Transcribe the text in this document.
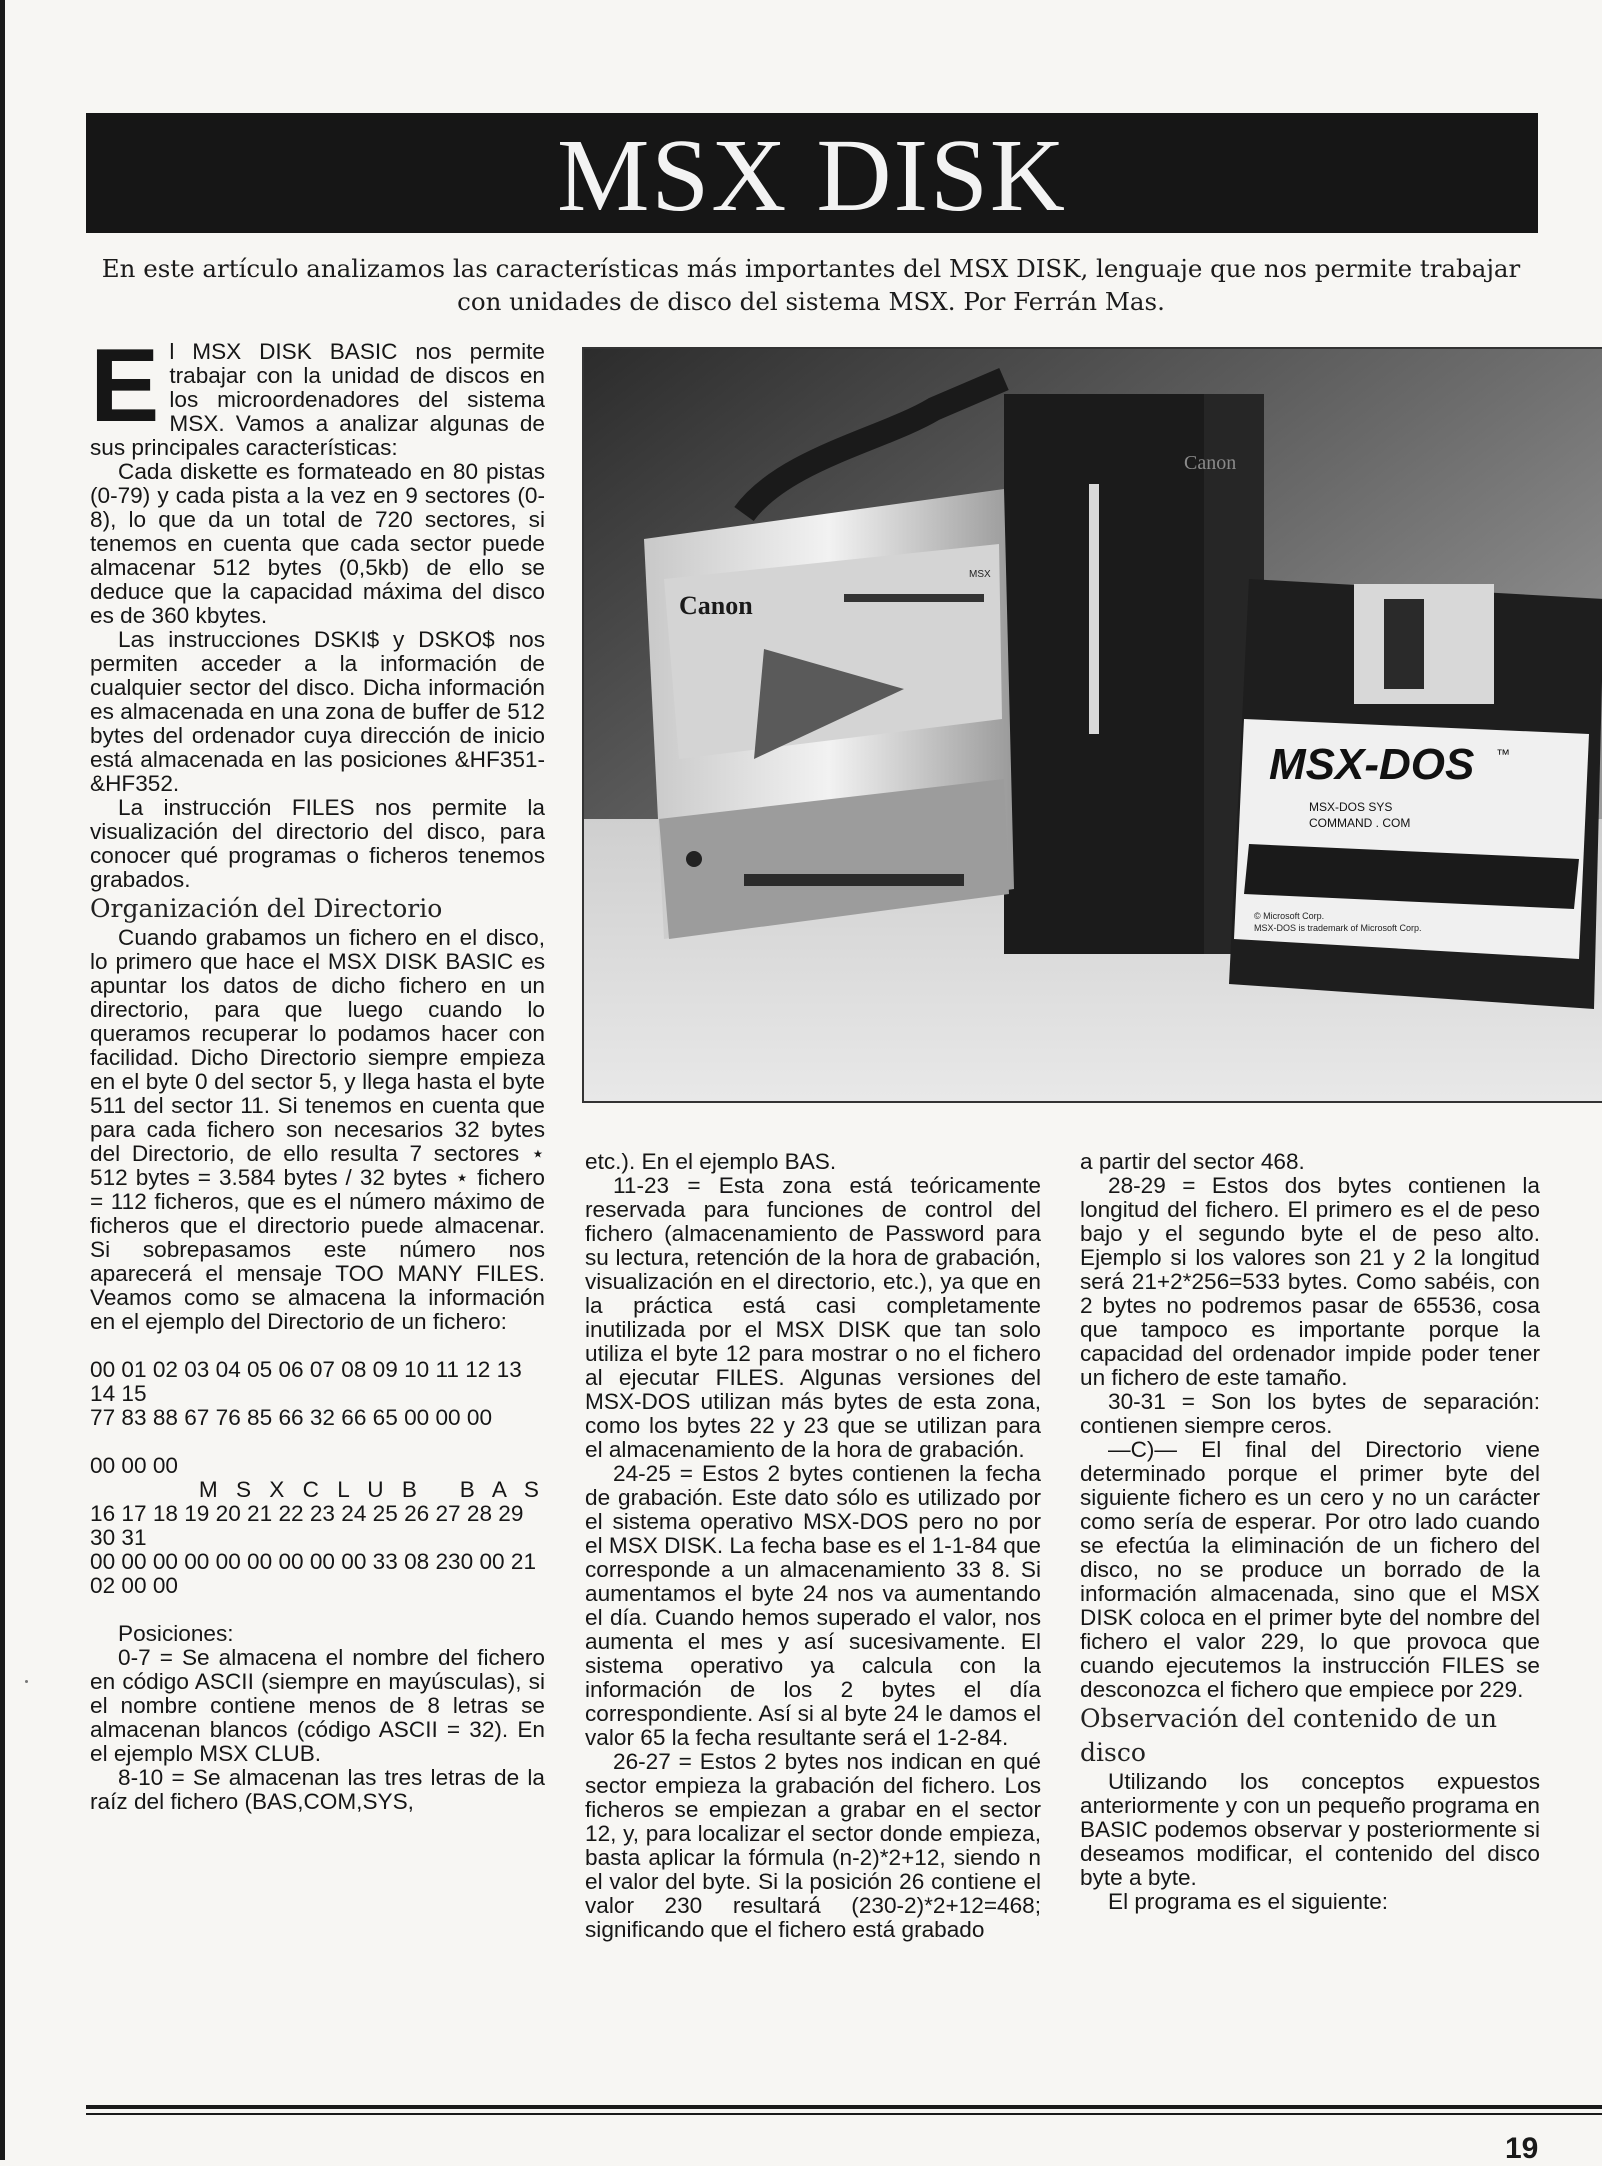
MSX DISK
En este artículo analizamos las características más importantes del MSX DISK, lenguaje que nos permite trabajar con unidades de disco del sistema MSX. Por Ferrán Mas.

El MSX DISK BASIC nos permite trabajar con la unidad de discos en los microordenadores del sistema MSX. Vamos a analizar algunas de sus principales características:

Cada diskette es formateado en 80 pistas (0-79) y cada pista a la vez en 9 sectores (0-8), lo que da un total de 720 sectores, si tenemos en cuenta que cada sector puede almacenar 512 bytes (0,5kb) de ello se deduce que la capacidad máxima del disco es de 360 kbytes.

Las instrucciones DSKI$ y DSKO$ nos permiten acceder a la información de cualquier sector del disco. Dicha información es almacenada en una zona de buffer de 512 bytes del ordenador cuya dirección de inicio está almacenada en las posiciones &HF351-&HF352.

La instrucción FILES nos permite la visualización del directorio del disco, para conocer qué programas o ficheros tenemos grabados.

Organización del Directorio

Cuando grabamos un fichero en el disco, lo primero que hace el MSX DISK BASIC es apuntar los datos de dicho fichero en un directorio, para que luego cuando lo queramos recuperar lo podamos hacer con facilidad. Dicho Directorio siempre empieza en el byte 0 del sector 5, y llega hasta el byte 511 del sector 11. Si tenemos en cuenta que para cada fichero son necesarios 32 bytes del Directorio, de ello resulta 7 sectores ⋆ 512 bytes = 3.584 bytes / 32 bytes ⋆ fichero = 112 ficheros, que es el número máximo de ficheros que el directorio puede almacenar. Si sobrepasamos este número nos aparecerá el mensaje TOO MANY FILES. Veamos como se almacena la información en el ejemplo del Directorio de un fichero:

00 01 02 03 04 05 06 07 08 09 10 11 12 13 14 15

77 83 88 67 76 85 66 32 66 65 00 00 00

00 00 00

M S X C L U B   B A S

16 17 18 19 20 21 22 23 24 25 26 27 28 29 30 31

00 00 00 00 00 00 00 00 00 33 08 230 00 21 02 00 00

Posiciones:

0-7 = Se almacena el nombre del fichero en código ASCII (siempre en mayúsculas), si el nombre contiene menos de 8 letras se almacenan blancos (código ASCII = 32). En el ejemplo MSX CLUB.

8-10 = Se almacenan las tres letras de la raíz del fichero (BAS,COM,SYS,

Canon
Canon
MSX
MSX-DOS ™
MSX-DOS SYS
COMMAND . COM
© Microsoft Corp.
MSX-DOS is trademark of Microsoft Corp.

etc.). En el ejemplo BAS.

11-23 = Esta zona está teóricamente reservada para funciones de control del fichero (almacenamiento de Password para su lectura, retención de la hora de grabación, visualización en el directorio, etc.), ya que en la práctica está casi completamente inutilizada por el MSX DISK que tan solo utiliza el byte 12 para mostrar o no el fichero al ejecutar FILES. Algunas versiones del MSX-DOS utilizan más bytes de esta zona, como los bytes 22 y 23 que se utilizan para el almacenamiento de la hora de grabación.

24-25 = Estos 2 bytes contienen la fecha de grabación. Este dato sólo es utilizado por el sistema operativo MSX-DOS pero no por el MSX DISK. La fecha base es el 1-1-84 que corresponde a un almacenamiento 33 8. Si aumentamos el byte 24 nos va aumentando el día. Cuando hemos superado el valor, nos aumenta el mes y así sucesivamente. El sistema operativo ya calcula con la información de los 2 bytes el día correspondiente. Así si al byte 24 le damos el valor 65 la fecha resultante será el 1-2-84.

26-27 = Estos 2 bytes nos indican en qué sector empieza la grabación del fichero. Los ficheros se empiezan a grabar en el sector 12, y, para localizar el sector donde empieza, basta aplicar la fórmula (n-2)*2+12, siendo n el valor del byte. Si la posición 26 contiene el valor 230 resultará (230-2)*2+12=468; significando que el fichero está grabado

a partir del sector 468.

28-29 = Estos dos bytes contienen la longitud del fichero. El primero es el de peso bajo y el segundo byte el de peso alto. Ejemplo si los valores son 21 y 2 la longitud será 21+2*256=533 bytes. Como sabéis, con 2 bytes no podremos pasar de 65536, cosa que tampoco es importante porque la capacidad del ordenador impide poder tener un fichero de este tamaño.

30-31 = Son los bytes de separación: contienen siempre ceros.

—C)— El final del Directorio viene determinado porque el primer byte del siguiente fichero es un cero y no un carácter como sería de esperar. Por otro lado cuando se efectúa la eliminación de un fichero del disco, no se produce un borrado de la información almacenada, sino que el MSX DISK coloca en el primer byte del nombre del fichero el valor 229, lo que provoca que cuando ejecutemos la instrucción FILES se desconozca el fichero que empiece por 229.

Observación del contenido de un disco

Utilizando los conceptos expuestos anteriormente y con un pequeño programa en BASIC podemos observar y posteriormente si deseamos modificar, el contenido del disco byte a byte.

El programa es el siguiente:

19
